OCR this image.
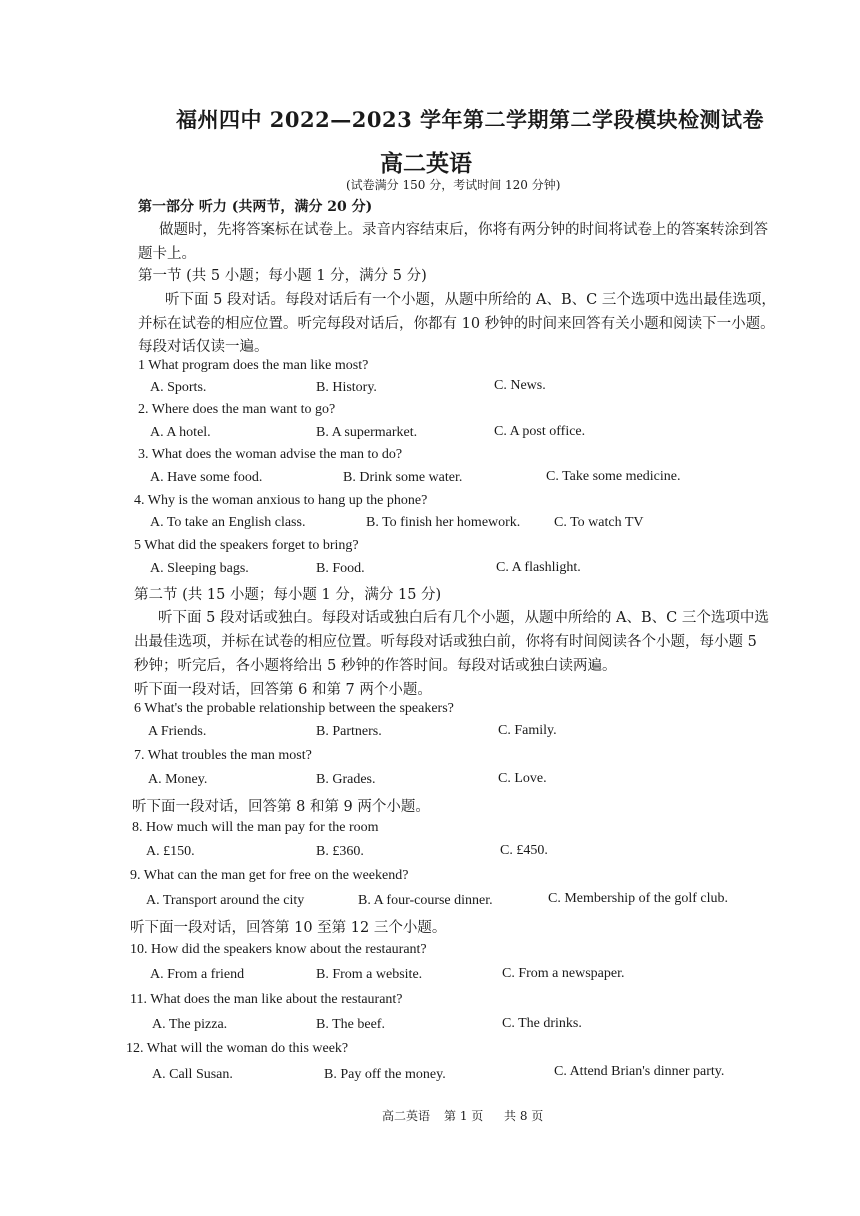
福州四中 2022—2023 学年第二学期第二学段模块检测试卷
高二英语
(试卷满分 150 分，考试时间 120 分钟)
第一部分 听力 (共两节，满分 20 分)
做题时，先将答案标在试卷上。录音内容结束后，你将有两分钟的时间将试卷上的答案转涂到答
题卡上。
第一节 (共 5 小题；每小题 1 分，满分 5 分)
听下面 5 段对话。每段对话后有一个小题，从题中所给的 A、B、C 三个选项中选出最佳选项，
并标在试卷的相应位置。听完每段对话后，你都有 10 秒钟的时间来回答有关小题和阅读下一小题。
每段对话仅读一遍。
1 What program does the man like most?
A. Sports.	B. History.	C. News.
2. Where does the man want to go?
A. A hotel.	B. A supermarket.	C. A post office.
3. What does the woman advise the man to do?
A. Have some food.	B. Drink some water.	C. Take some medicine.
4. Why is the woman anxious to hang up the phone?
A. To take an English class.	B. To finish her homework. C. To watch TV
5 What did the speakers forget to bring?
A. Sleeping bags.	B. Food.	C. A flashlight.
第二节 (共 15 小题；每小题 1 分，满分 15 分)
听下面 5 段对话或独白。每段对话或独白后有几个小题，从题中所给的 A、B、C 三个选项中选
出最佳选项，并标在试卷的相应位置。听每段对话或独白前，你将有时间阅读各个小题，每小题 5
秒钟；听完后，各小题将给出 5 秒钟的作答时间。每段对话或独白读两遍。
听下面一段对话，回答第 6 和第 7 两个小题。
6 What's the probable relationship between the speakers?
A Friends.	B. Partners.	C. Family.
7. What troubles the man most?
A. Money.	B. Grades.	C. Love.
听下面一段对话，回答第 8 和第 9 两个小题。
8. How much will the man pay for the room
A. £150.	B. £360.	C. £450.
9. What can the man get for free on the weekend?
A. Transport around the city	B. A four-course dinner.	C. Membership of the golf club.
听下面一段对话，回答第 10 至第 12 三个小题。
10. How did the speakers know about the restaurant?
A. From a friend	B. From a website.	C. From a newspaper.
11. What does the man like about the restaurant?
A. The pizza.	B. The beef.	C. The drinks.
12. What will the woman do this week?
A. Call Susan.	B. Pay off the money.	C. Attend Brian's dinner party.
高二英语 第 1 页 共 8 页
